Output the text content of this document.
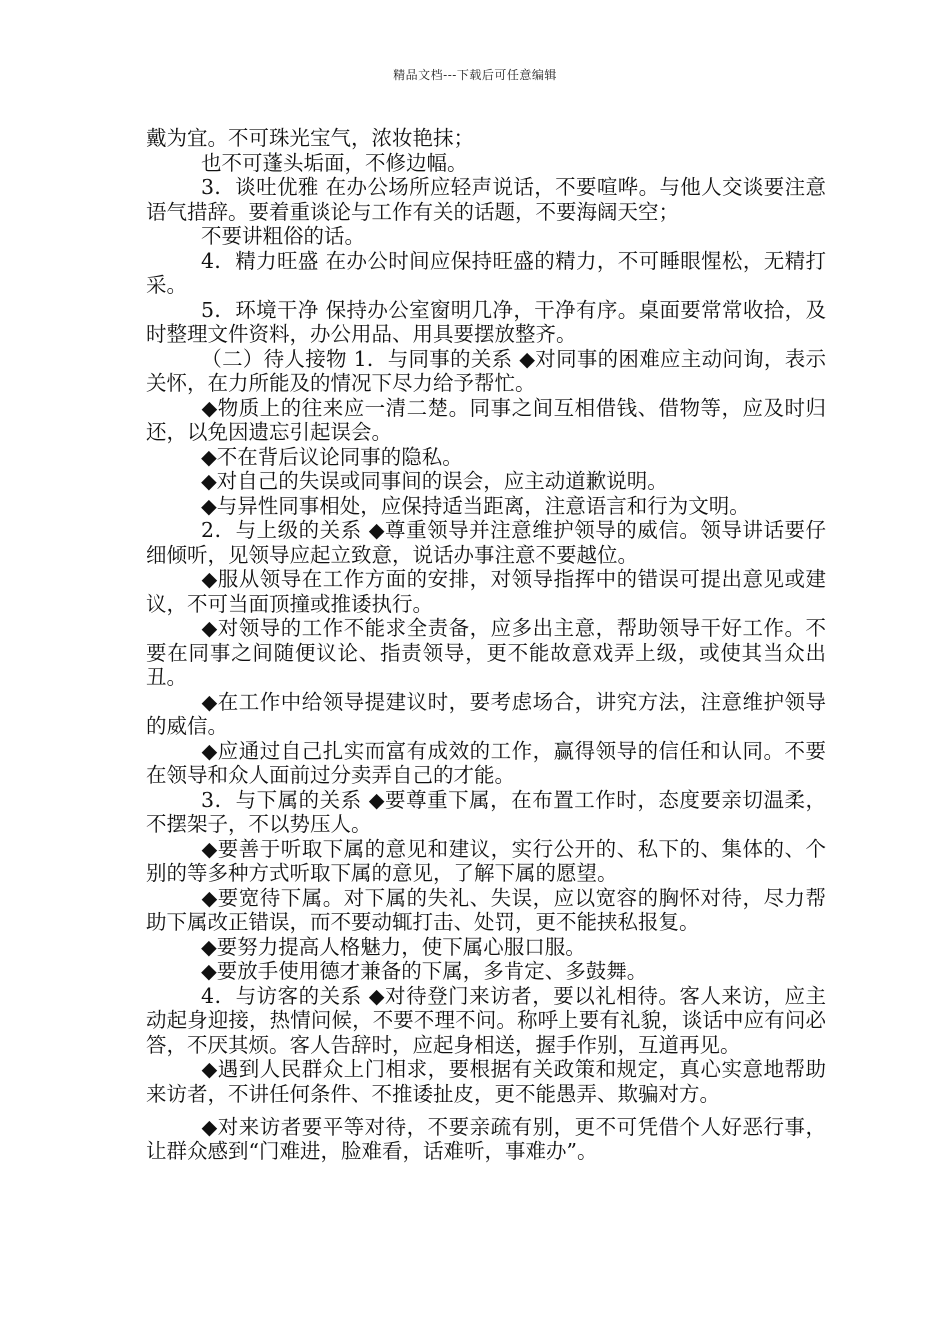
精品文档---下载后可任意编辑

戴为宜。不可珠光宝气，浓妆艳抹；

也不可蓬头垢面，不修边幅。

3．谈吐优雅 在办公场所应轻声说话，不要喧哗。与他人交谈要注意语气措辞。要着重谈论与工作有关的话题，不要海阔天空；

不要讲粗俗的话。

4．精力旺盛 在办公时间应保持旺盛的精力，不可睡眼惺松，无精打采。

5．环境干净 保持办公室窗明几净，干净有序。桌面要常常收拾，及时整理文件资料，办公用品、用具要摆放整齐。

（二）待人接物 1．与同事的关系 ◆对同事的困难应主动问询，表示关怀，在力所能及的情况下尽力给予帮忙。

◆物质上的往来应一清二楚。同事之间互相借钱、借物等，应及时归还，以免因遗忘引起误会。

◆不在背后议论同事的隐私。

◆对自己的失误或同事间的误会，应主动道歉说明。

◆与异性同事相处，应保持适当距离，注意语言和行为文明。

2．与上级的关系 ◆尊重领导并注意维护领导的威信。领导讲话要仔细倾听，见领导应起立致意，说话办事注意不要越位。

◆服从领导在工作方面的安排，对领导指挥中的错误可提出意见或建议，不可当面顶撞或推诿执行。

◆对领导的工作不能求全责备，应多出主意，帮助领导干好工作。不要在同事之间随便议论、指责领导，更不能故意戏弄上级，或使其当众出丑。

◆在工作中给领导提建议时，要考虑场合，讲究方法，注意维护领导的威信。

◆应通过自己扎实而富有成效的工作，赢得领导的信任和认同。不要在领导和众人面前过分卖弄自己的才能。

3．与下属的关系 ◆要尊重下属，在布置工作时，态度要亲切温柔，不摆架子，不以势压人。

◆要善于听取下属的意见和建议，实行公开的、私下的、集体的、个别的等多种方式听取下属的意见，了解下属的愿望。

◆要宽待下属。对下属的失礼、失误，应以宽容的胸怀对待，尽力帮助下属改正错误，而不要动辄打击、处罚，更不能挟私报复。

◆要努力提高人格魅力，使下属心服口服。

◆要放手使用德才兼备的下属，多肯定、多鼓舞。

4．与访客的关系 ◆对待登门来访者，要以礼相待。客人来访，应主动起身迎接，热情问候，不要不理不问。称呼上要有礼貌，谈话中应有问必答，不厌其烦。客人告辞时，应起身相送，握手作别，互道再见。

◆遇到人民群众上门相求，要根据有关政策和规定，真心实意地帮助来访者，不讲任何条件、不推诿扯皮，更不能愚弄、欺骗对方。

◆对来访者要平等对待，不要亲疏有别，更不可凭借个人好恶行事，让群众感到“门难进，脸难看，话难听，事难办”。
